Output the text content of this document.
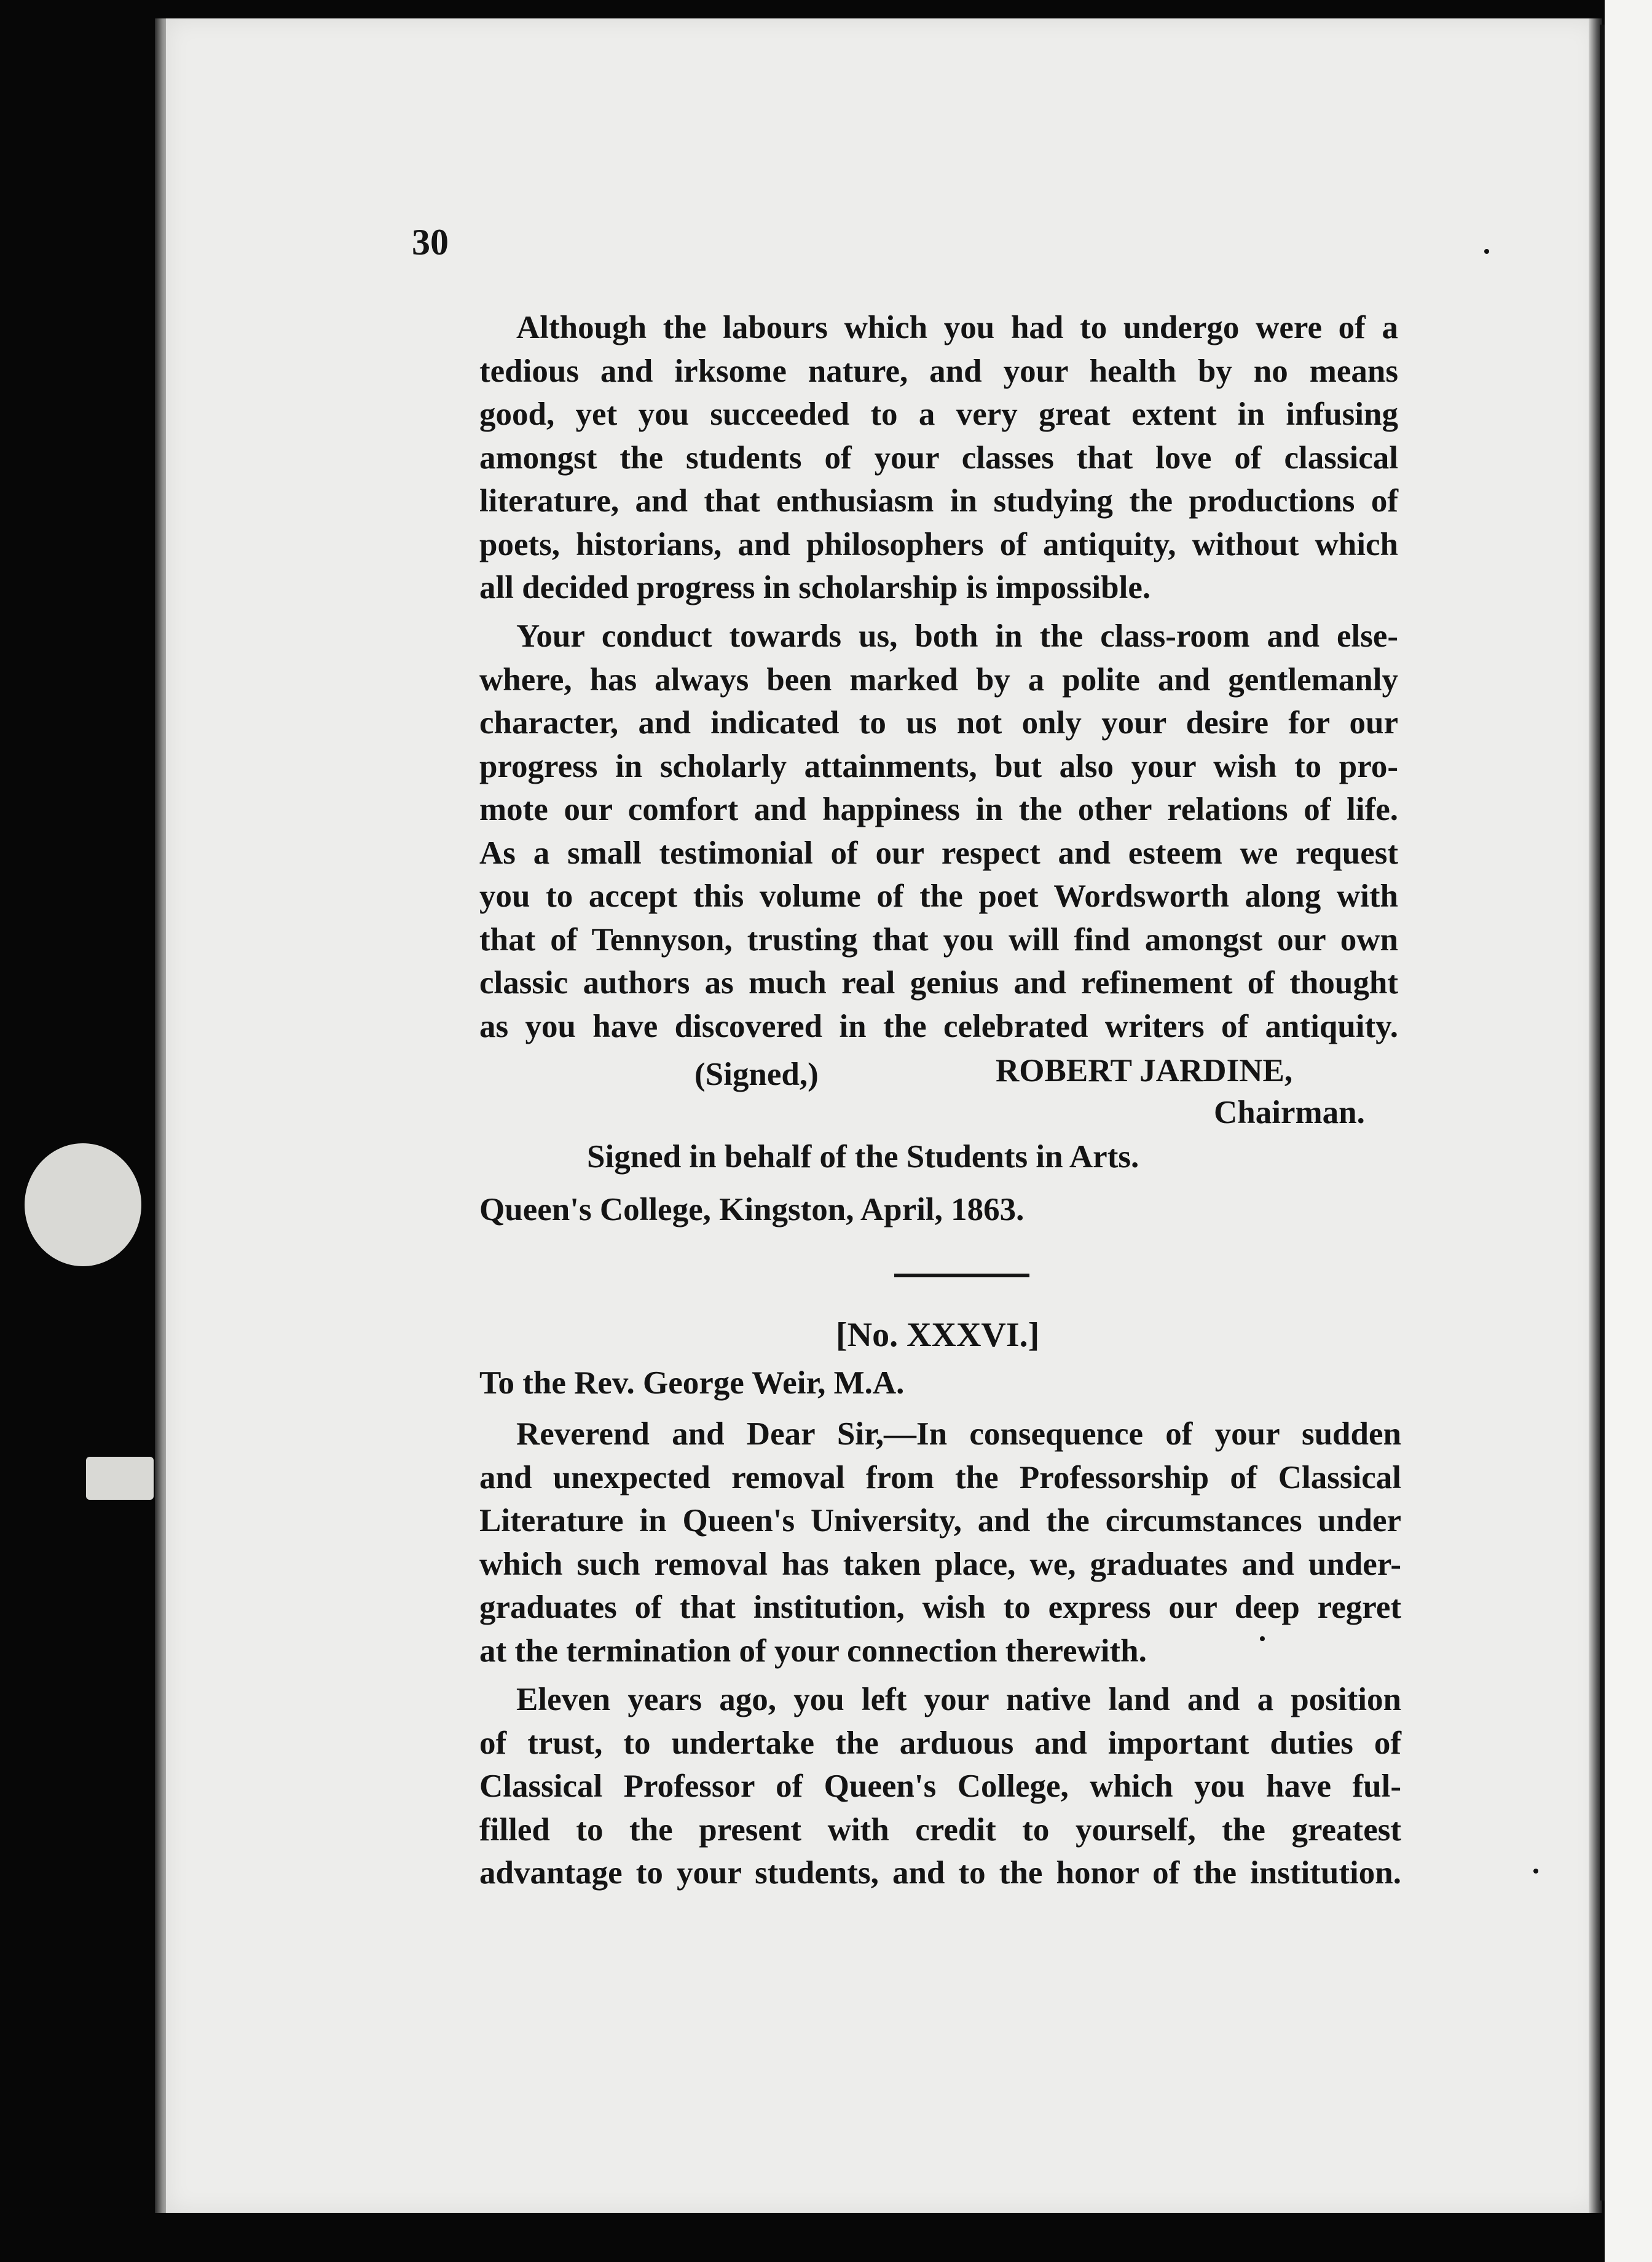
30
Although the labours which you had to undergo were of a
tedious and irksome nature, and your health by no means
good, yet you succeeded to a very great extent in infusing
amongst the students of your classes that love of classical
literature, and that enthusiasm in studying the productions of
poets, historians, and philosophers of antiquity, without which
all decided progress in scholarship is impossible.
Your conduct towards us, both in the class-room and else-
where, has always been marked by a polite and gentlemanly
character, and indicated to us not only your desire for our
progress in scholarly attainments, but also your wish to pro-
mote our comfort and happiness in the other relations of life.
As a small testimonial of our respect and esteem we request
you to accept this volume of the poet Wordsworth along with
that of Tennyson, trusting that you will find amongst our own
classic authors as much real genius and refinement of thought
as you have discovered in the celebrated writers of antiquity.
(Signed,)	ROBERT JARDINE,
Chairman.
Signed in behalf of the Students in Arts.
Queen's College, Kingston, April, 1863.
[No. XXXVI.]
To the Rev. George Weir, M.A.
Reverend and Dear Sir,—In consequence of your sudden
and unexpected removal from the Professorship of Classical
Literature in Queen's University, and the circumstances under
which such removal has taken place, we, graduates and under-
graduates of that institution, wish to express our deep regret
at the termination of your connection therewith.
Eleven years ago, you left your native land and a position
of trust, to undertake the arduous and important duties of
Classical Professor of Queen's College, which you have ful-
filled to the present with credit to yourself, the greatest
advantage to your students, and to the honor of the institution.
